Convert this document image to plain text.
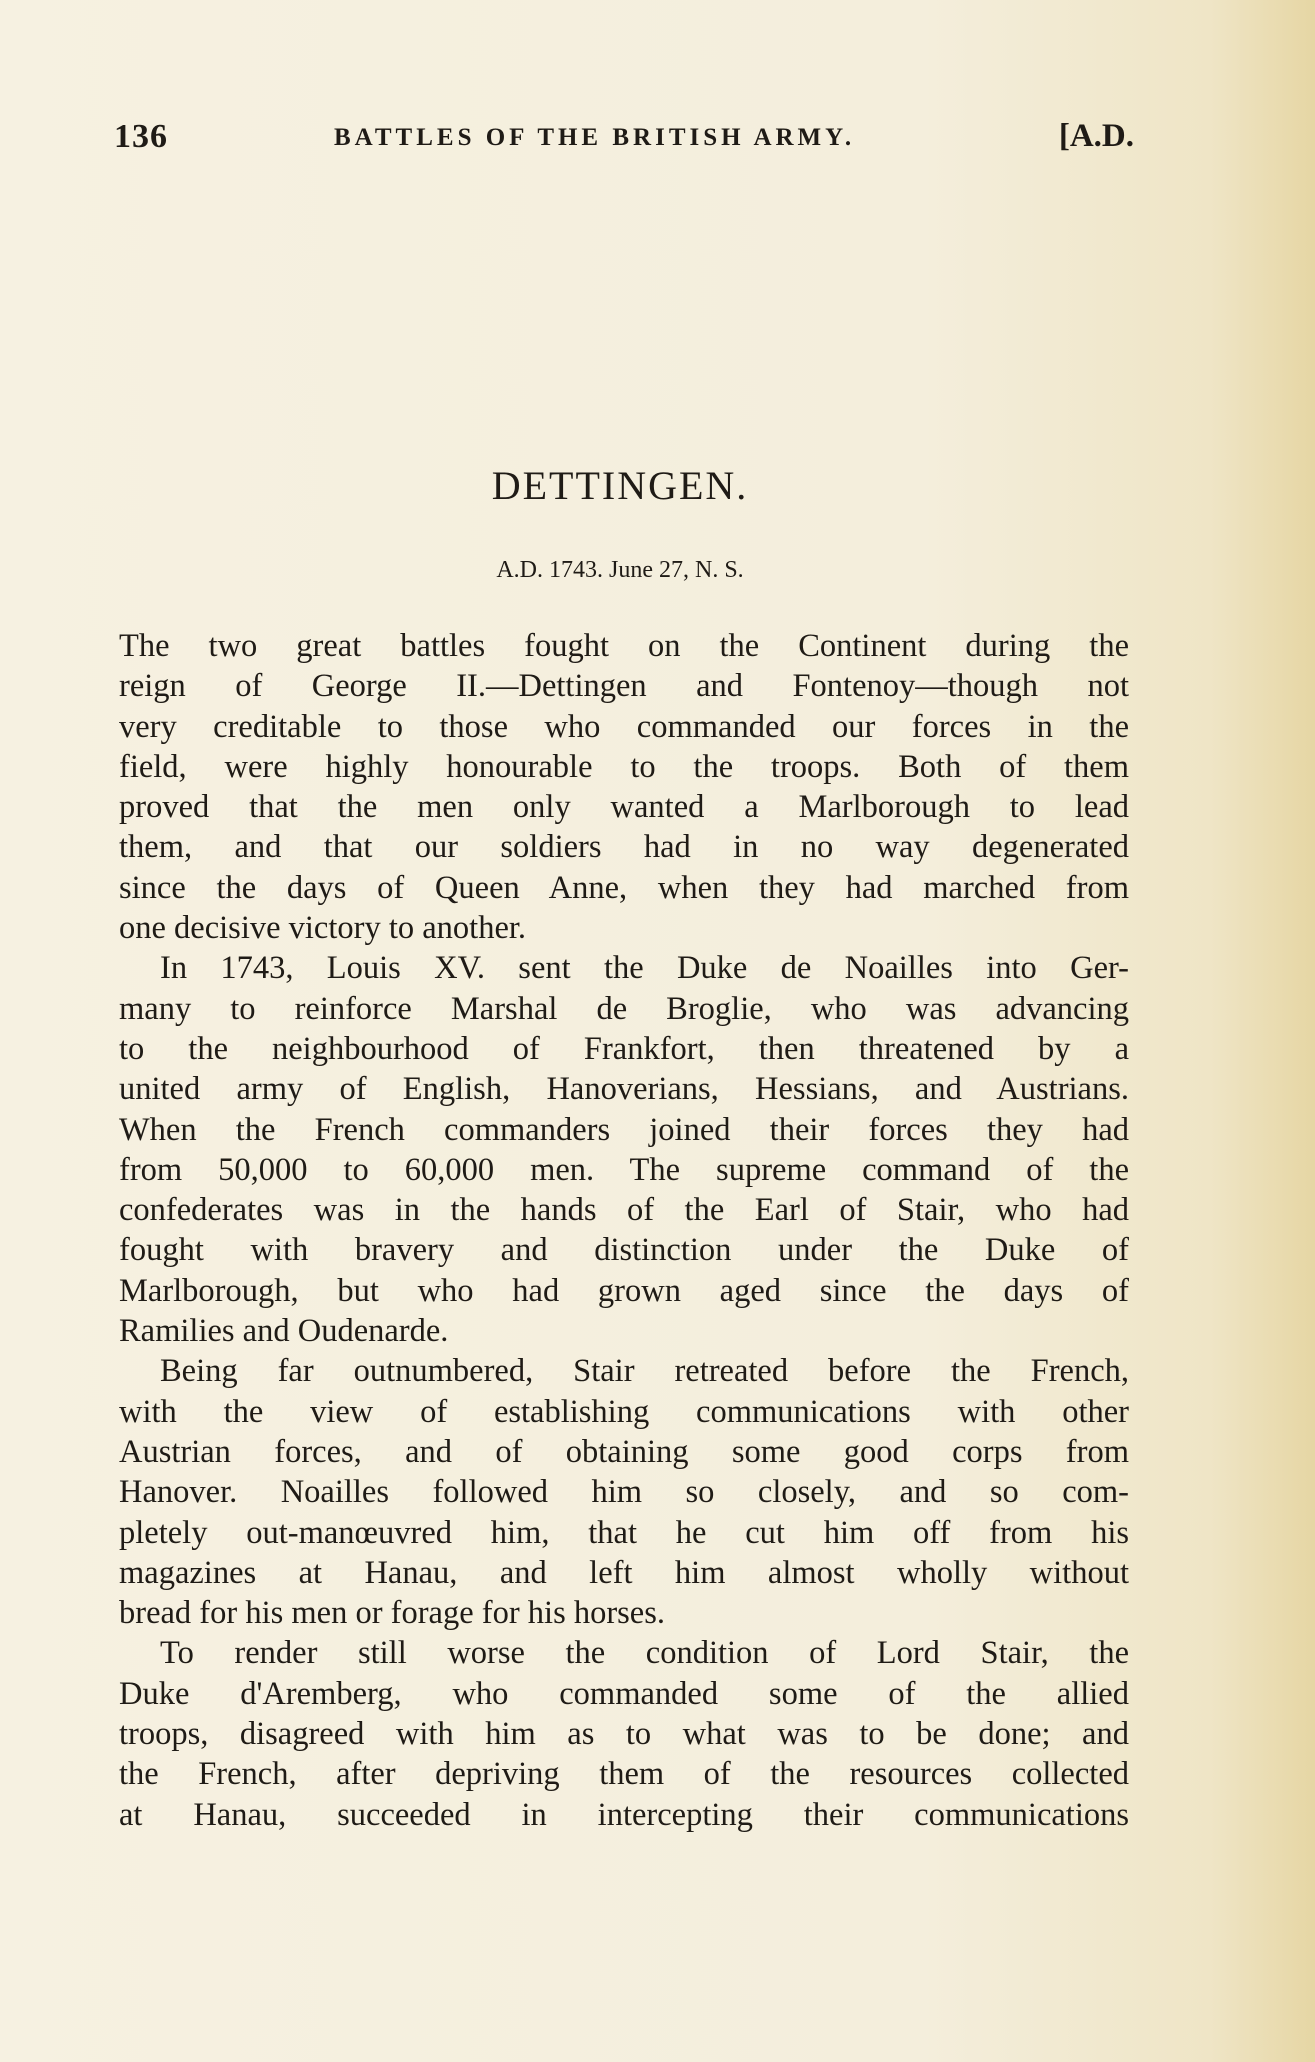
136	BATTLES OF THE BRITISH ARMY.	[A.D.
DETTINGEN.
A.D. 1743. June 27, N. S.
The two great battles fought on the Continent during the
reign of George II.—Dettingen and Fontenoy—though not
very creditable to those who commanded our forces in the
field, were highly honourable to the troops. Both of them
proved that the men only wanted a Marlborough to lead
them, and that our soldiers had in no way degenerated
since the days of Queen Anne, when they had marched from
one decisive victory to another.
In 1743, Louis XV. sent the Duke de Noailles into Ger-
many to reinforce Marshal de Broglie, who was advancing
to the neighbourhood of Frankfort, then threatened by a
united army of English, Hanoverians, Hessians, and Austrians.
When the French commanders joined their forces they had
from 50,000 to 60,000 men. The supreme command of the
confederates was in the hands of the Earl of Stair, who had
fought with bravery and distinction under the Duke of
Marlborough, but who had grown aged since the days of
Ramilies and Oudenarde.
Being far outnumbered, Stair retreated before the French,
with the view of establishing communications with other
Austrian forces, and of obtaining some good corps from
Hanover. Noailles followed him so closely, and so com-
pletely out-manœuvred him, that he cut him off from his
magazines at Hanau, and left him almost wholly without
bread for his men or forage for his horses.
To render still worse the condition of Lord Stair, the
Duke d'Aremberg, who commanded some of the allied
troops, disagreed with him as to what was to be done; and
the French, after depriving them of the resources collected
at Hanau, succeeded in intercepting their communications
